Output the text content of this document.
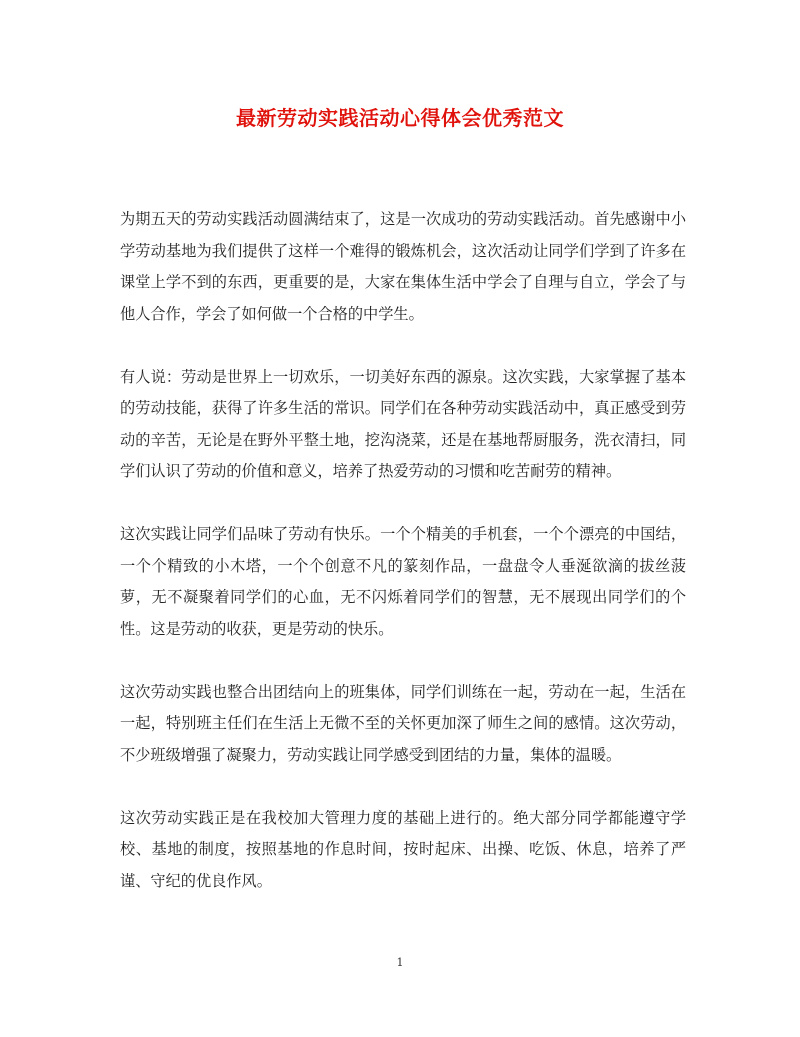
最新劳动实践活动心得体会优秀范文

为期五天的劳动实践活动圆满结束了，这是一次成功的劳动实践活动。首先感谢中小学劳动基地为我们提供了这样一个难得的锻炼机会，这次活动让同学们学到了许多在课堂上学不到的东西，更重要的是，大家在集体生活中学会了自理与自立，学会了与他人合作，学会了如何做一个合格的中学生。

有人说：劳动是世界上一切欢乐，一切美好东西的源泉。这次实践，大家掌握了基本的劳动技能，获得了许多生活的常识。同学们在各种劳动实践活动中，真正感受到劳动的辛苦，无论是在野外平整土地，挖沟浇菜，还是在基地帮厨服务，洗衣清扫，同学们认识了劳动的价值和意义，培养了热爱劳动的习惯和吃苦耐劳的精神。

这次实践让同学们品味了劳动有快乐。一个个精美的手机套，一个个漂亮的中国结，一个个精致的小木塔，一个个创意不凡的篆刻作品，一盘盘令人垂涎欲滴的拔丝菠萝，无不凝聚着同学们的心血，无不闪烁着同学们的智慧，无不展现出同学们的个性。这是劳动的收获，更是劳动的快乐。

这次劳动实践也整合出团结向上的班集体，同学们训练在一起，劳动在一起，生活在一起，特别班主任们在生活上无微不至的关怀更加深了师生之间的感情。这次劳动，不少班级增强了凝聚力，劳动实践让同学感受到团结的力量，集体的温暖。

这次劳动实践正是在我校加大管理力度的基础上进行的。绝大部分同学都能遵守学校、基地的制度，按照基地的作息时间，按时起床、出操、吃饭、休息，培养了严谨、守纪的优良作风。

1
